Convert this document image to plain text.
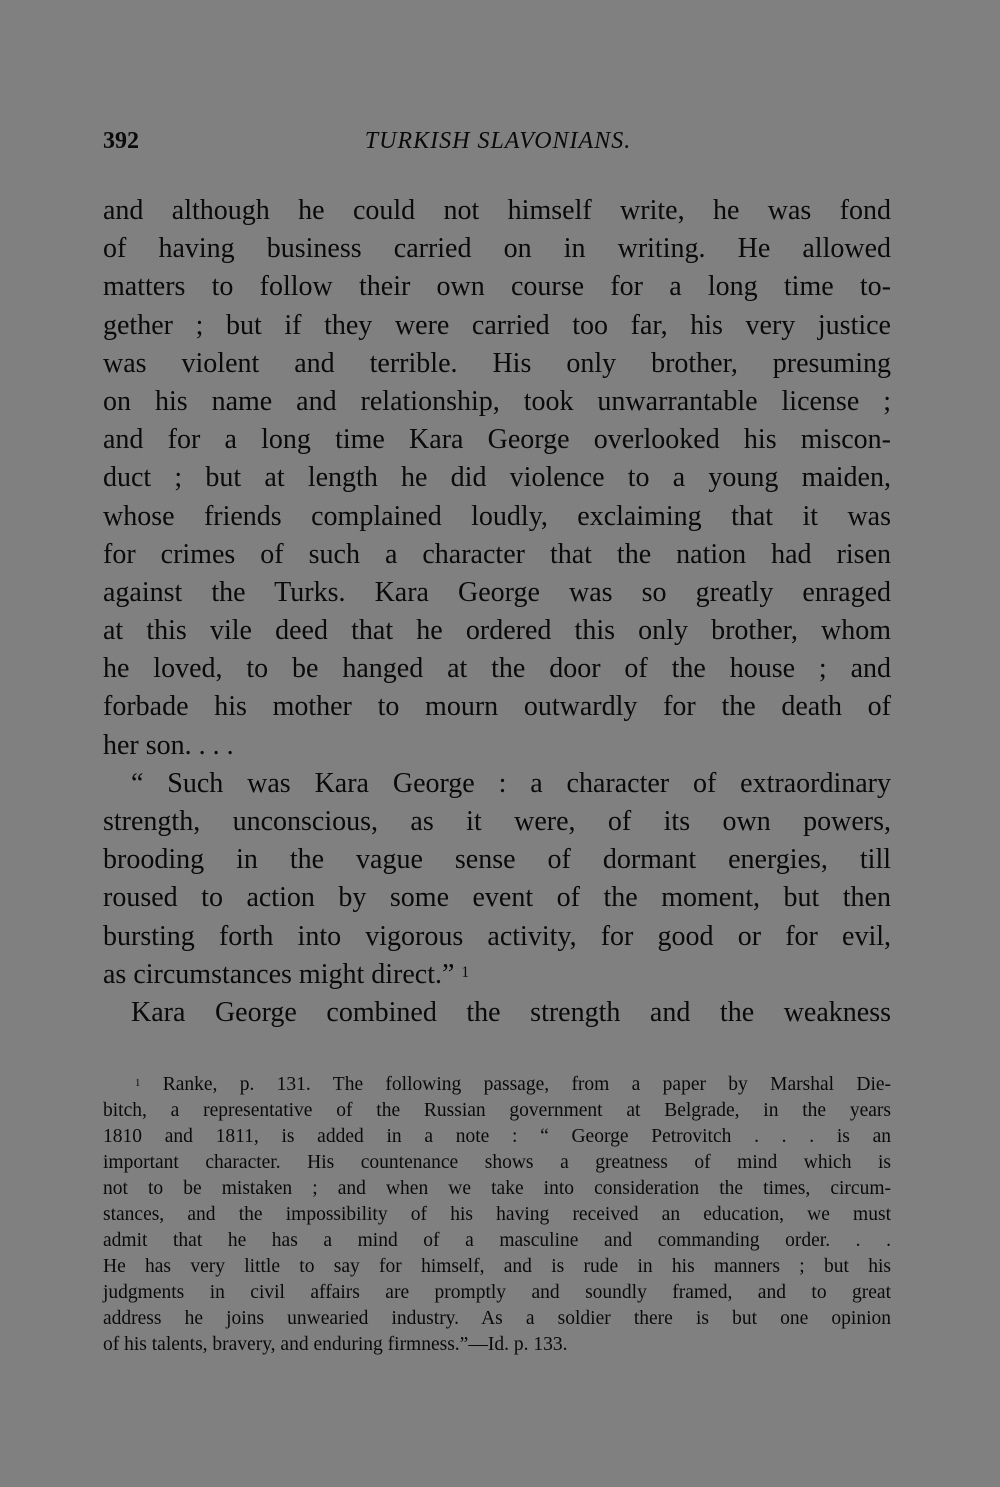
392	TURKISH SLAVONIANS.
and although he could not himself write, he was fond
of having business carried on in writing. He allowed
matters to follow their own course for a long time to-
gether ; but if they were carried too far, his very justice
was violent and terrible. His only brother, presuming
on his name and relationship, took unwarrantable license ;
and for a long time Kara George overlooked his miscon-
duct ; but at length he did violence to a young maiden,
whose friends complained loudly, exclaiming that it was
for crimes of such a character that the nation had risen
against the Turks. Kara George was so greatly enraged
at this vile deed that he ordered this only brother, whom
he loved, to be hanged at the door of the house ; and
forbade his mother to mourn outwardly for the death of
her son. . . .
“ Such was Kara George : a character of extraordinary
strength, unconscious, as it were, of its own powers,
brooding in the vague sense of dormant energies, till
roused to action by some event of the moment, but then
bursting forth into vigorous activity, for good or for evil,
as circumstances might direct.” $^1$
Kara George combined the strength and the weakness
$^1$ Ranke, p. 131. The following passage, from a paper by Marshal Die-
bitch, a representative of the Russian government at Belgrade, in the years
1810 and 1811, is added in a note : “ George Petrovitch . . . is an
important character. His countenance shows a greatness of mind which is
not to be mistaken ; and when we take into consideration the times, circum-
stances, and the impossibility of his having received an education, we must
admit that he has a mind of a masculine and commanding order. . .
He has very little to say for himself, and is rude in his manners ; but his
judgments in civil affairs are promptly and soundly framed, and to great
address he joins unwearied industry. As a soldier there is but one opinion
of his talents, bravery, and enduring firmness.”—Id. p. 133.
